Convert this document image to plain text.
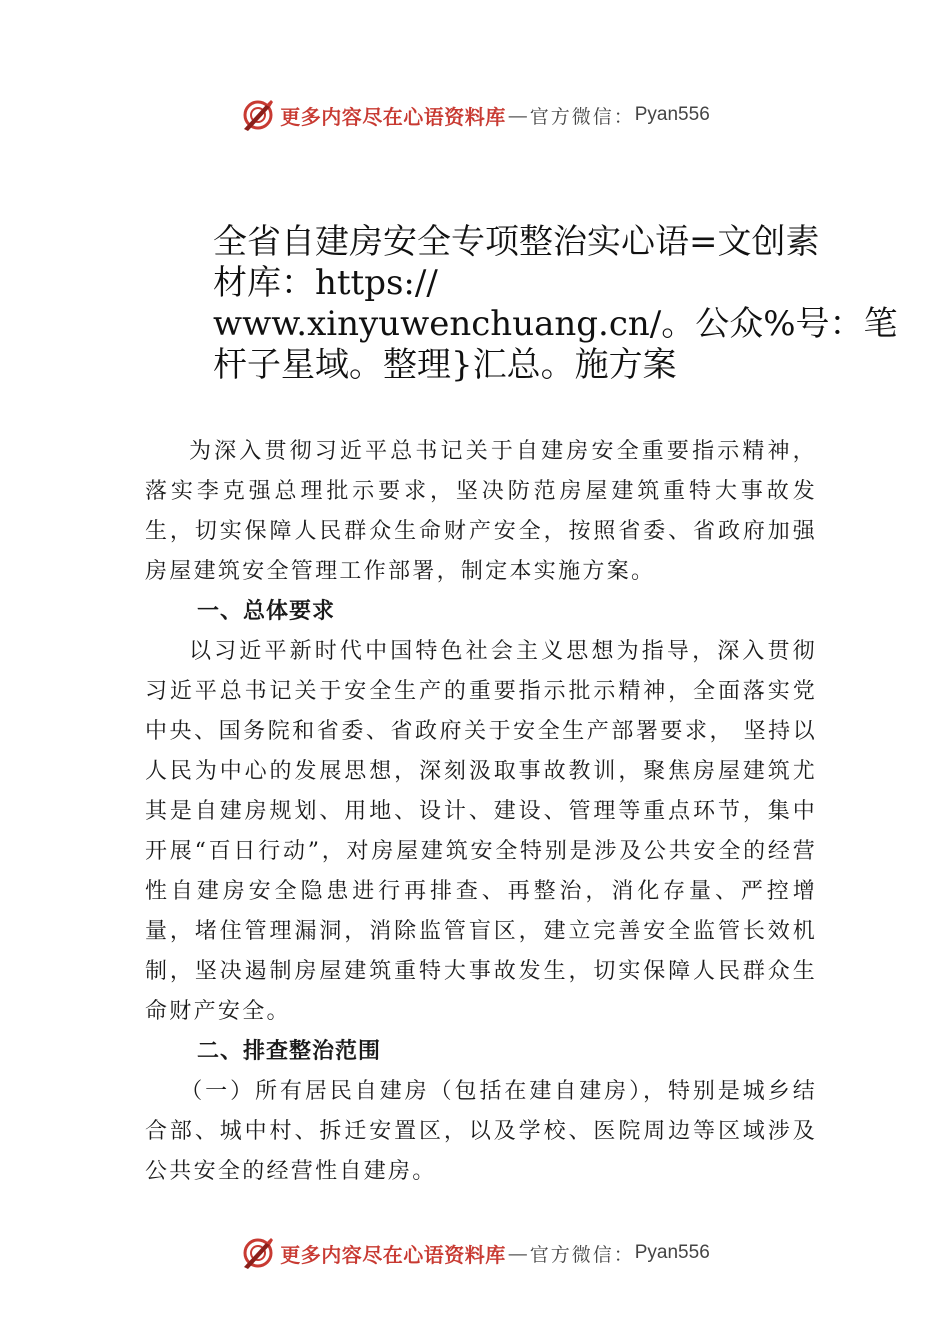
更多内容尽在心语资料库 — 官方微信： Pyan556
全省自建房安全专项整治实心语=文创素
材库：https://
www.xinyuwenchuang.cn/。公众%号：笔
杆子星域。整理}汇总。施方案

为深入贯彻习近平总书记关于自建房安全重要指示精神，落实李克强总理批示要求，坚决防范房屋建筑重特大事故发生，切实保障人民群众生命财产安全，按照省委、省政府加强房屋建筑安全管理工作部署，制定本实施方案。

一、总体要求

以习近平新时代中国特色社会主义思想为指导，深入贯彻习近平总书记关于安全生产的重要指示批示精神，全面落实党中央、国务院和省委、省政府关于安全生产部署要求， 坚持以人民为中心的发展思想，深刻汲取事故教训，聚焦房屋建筑尤其是自建房规划、用地、设计、建设、管理等重点环节，集中开展“百日行动”，对房屋建筑安全特别是涉及公共安全的经营性自建房安全隐患进行再排查、再整治，消化存量、严控增量，堵住管理漏洞，消除监管盲区，建立完善安全监管长效机制，坚决遏制房屋建筑重特大事故发生，切实保障人民群众生命财产安全。

二、排查整治范围

（一）所有居民自建房（包括在建自建房），特别是城乡结合部、城中村、拆迁安置区，以及学校、医院周边等区域涉及公共安全的经营性自建房。

更多内容尽在心语资料库 — 官方微信： Pyan556
